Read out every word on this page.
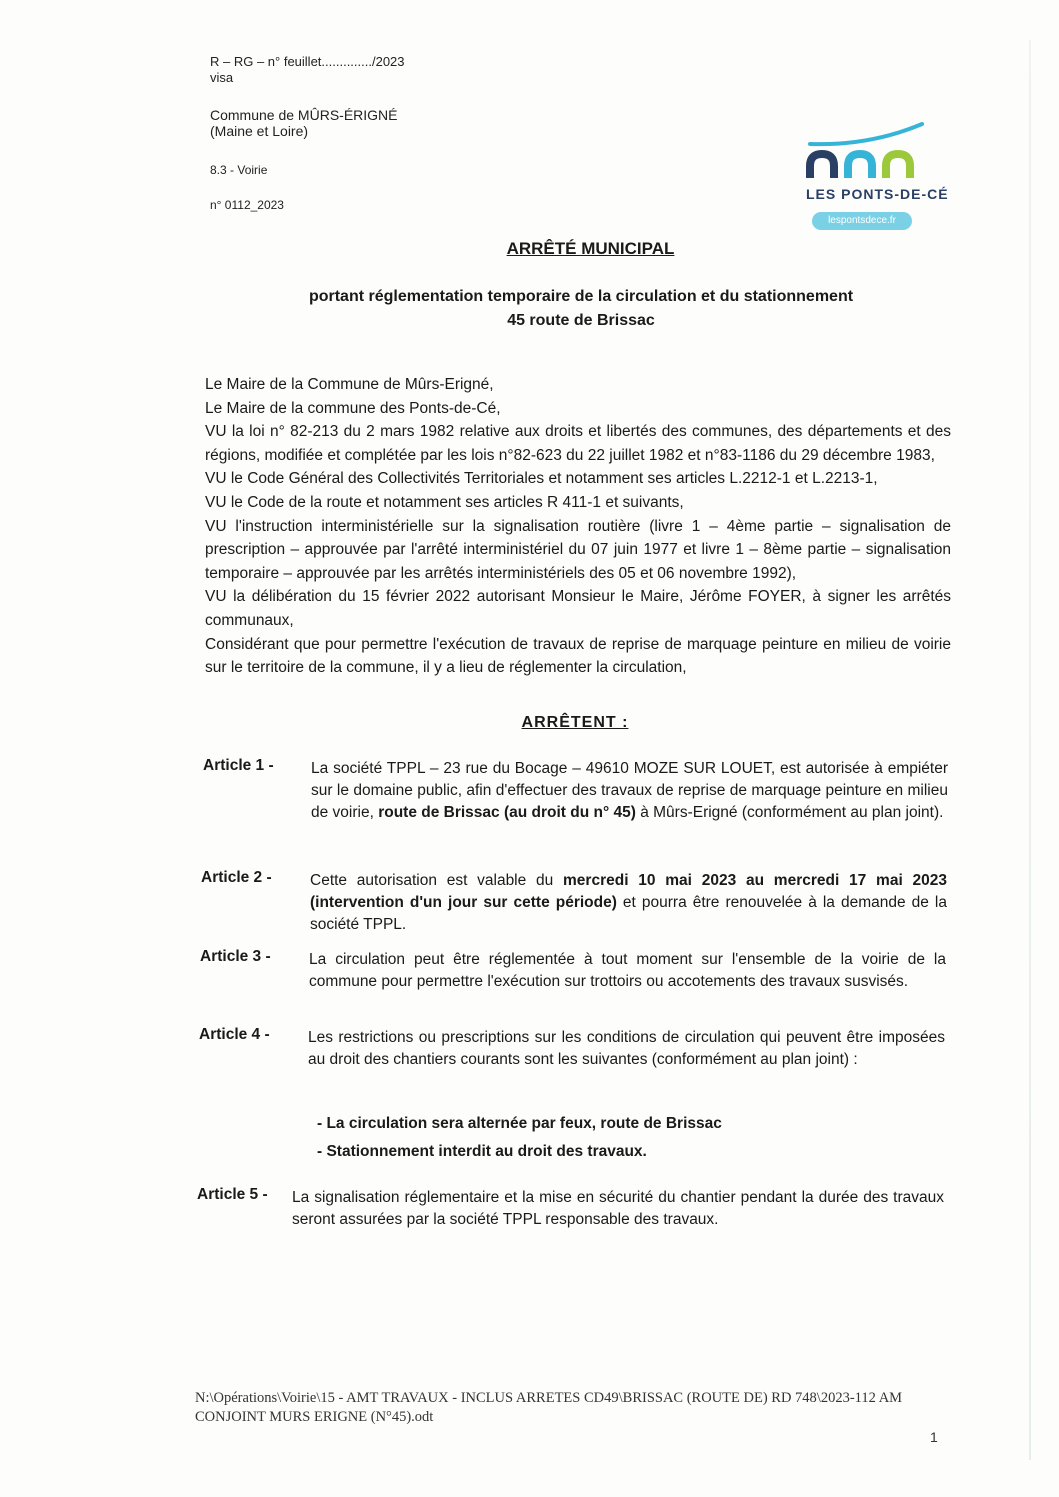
R – RG – n° feuillet............../2023
visa
Commune de MÛRS-ÉRIGNÉ
(Maine et Loire)
8.3 - Voirie
n° 0112_2023
LES PONTS-DE-CÉ
lespontsdece.fr
ARRÊTÉ MUNICIPAL
portant réglementation temporaire de la circulation et du stationnement
45 route de Brissac

Le Maire de la Commune de Mûrs-Erigné,

Le Maire de la commune des Ponts-de-Cé,

VU la loi n° 82-213 du 2 mars 1982 relative aux droits et libertés des communes, des départements et des régions, modifiée et complétée par les lois n°82-623 du 22 juillet 1982 et n°83-1186 du 29 décembre 1983,

VU le Code Général des Collectivités Territoriales et notamment ses articles L.2212-1 et L.2213-1,

VU le Code de la route et notamment ses articles R 411-1 et suivants,

VU l'instruction interministérielle sur la signalisation routière (livre 1 – 4ème partie – signalisation de prescription – approuvée par l'arrêté interministériel du 07 juin 1977 et livre 1 – 8ème partie – signalisation temporaire – approuvée par les arrêtés interministériels des 05 et 06 novembre 1992),

VU la délibération du 15 février 2022 autorisant Monsieur le Maire, Jérôme FOYER, à signer les arrêtés communaux,

Considérant que pour permettre l'exécution de travaux de reprise de marquage peinture en milieu de voirie sur le territoire de la commune, il y a lieu de réglementer la circulation,

ARRÊTENT :
Article 1 - La société TPPL – 23 rue du Bocage – 49610 MOZE SUR LOUET, est autorisée à empiéter sur le domaine public, afin d'effectuer des travaux de reprise de marquage peinture en milieu de voirie, route de Brissac (au droit du n° 45) à Mûrs-Erigné (conformément au plan joint).
Article 2 - Cette autorisation est valable du mercredi 10 mai 2023 au mercredi 17 mai 2023 (intervention d'un jour sur cette période) et pourra être renouvelée à la demande de la société TPPL.
Article 3 - La circulation peut être réglementée à tout moment sur l'ensemble de la voirie de la commune pour permettre l'exécution sur trottoirs ou accotements des travaux susvisés.
Article 4 - Les restrictions ou prescriptions sur les conditions de circulation qui peuvent être imposées au droit des chantiers courants sont les suivantes (conformément au plan joint) :
- La circulation sera alternée par feux, route de Brissac
- Stationnement interdit au droit des travaux.
Article 5 - La signalisation réglementaire et la mise en sécurité du chantier pendant la durée des travaux seront assurées par la société TPPL responsable des travaux.
N:\Opérations\Voirie\15 - AMT TRAVAUX - INCLUS ARRETES CD49\BRISSAC (ROUTE DE) RD 748\2023-112 AM CONJOINT MURS ERIGNE (N°45).odt
1
